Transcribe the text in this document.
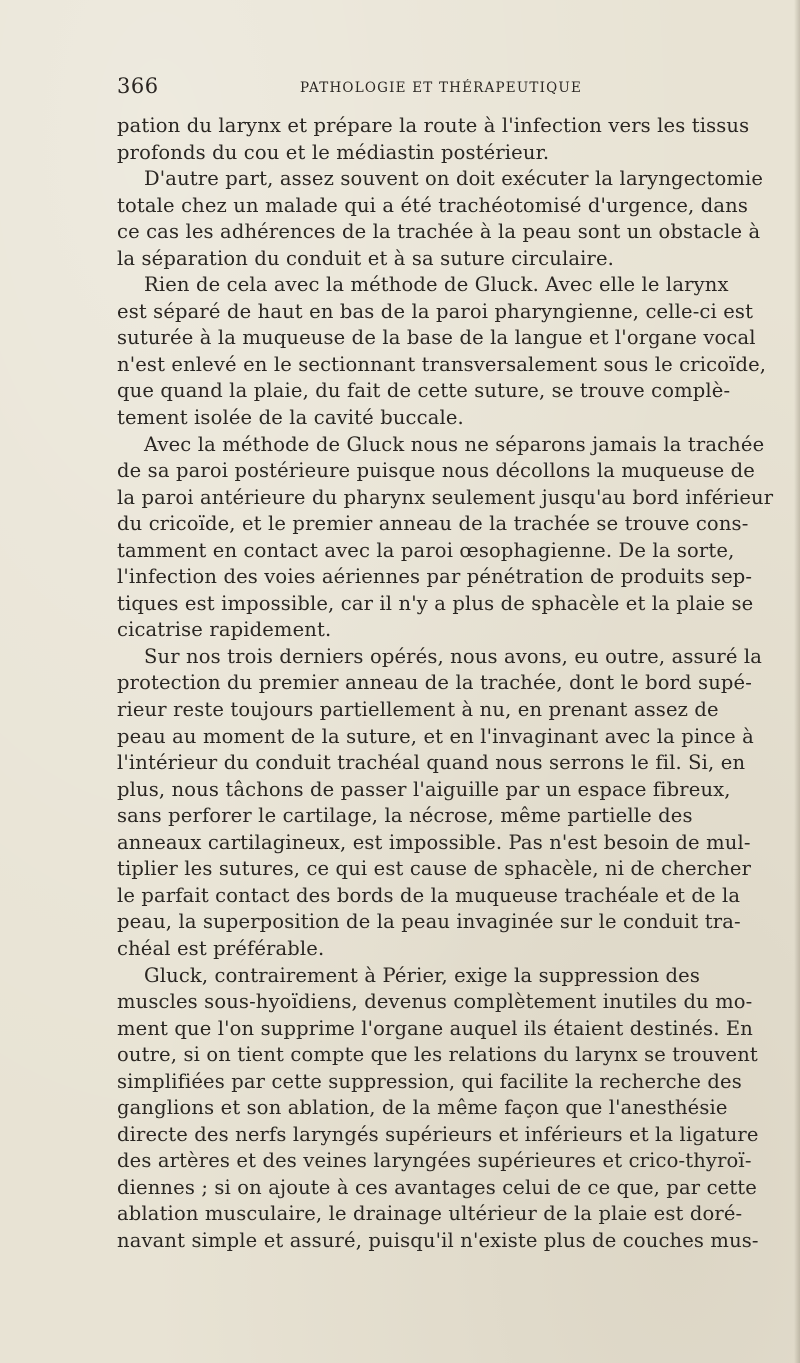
366	PATHOLOGIE ET THÉRAPEUTIQUE
pation du larynx et prépare la route à l'infection vers les tissus
profonds du cou et le médiastin postérieur.
D'autre part, assez souvent on doit exécuter la laryngectomie
totale chez un malade qui a été trachéotomisé d'urgence, dans
ce cas les adhérences de la trachée à la peau sont un obstacle à
la séparation du conduit et à sa suture circulaire.
Rien de cela avec la méthode de Gluck. Avec elle le larynx
est séparé de haut en bas de la paroi pharyngienne, celle-ci est
suturée à la muqueuse de la base de la langue et l'organe vocal
n'est enlevé en le sectionnant transversalement sous le cricoïde,
que quand la plaie, du fait de cette suture, se trouve complè-
tement isolée de la cavité buccale.
Avec la méthode de Gluck nous ne séparons jamais la trachée
de sa paroi postérieure puisque nous décollons la muqueuse de
la paroi antérieure du pharynx seulement jusqu'au bord inférieur
du cricoïde, et le premier anneau de la trachée se trouve cons-
tamment en contact avec la paroi œsophagienne. De la sorte,
l'infection des voies aériennes par pénétration de produits sep-
tiques est impossible, car il n'y a plus de sphacèle et la plaie se
cicatrise rapidement.
Sur nos trois derniers opérés, nous avons, eu outre, assuré la
protection du premier anneau de la trachée, dont le bord supé-
rieur reste toujours partiellement à nu, en prenant assez de
peau au moment de la suture, et en l'invaginant avec la pince à
l'intérieur du conduit trachéal quand nous serrons le fil. Si, en
plus, nous tâchons de passer l'aiguille par un espace fibreux,
sans perforer le cartilage, la nécrose, même partielle des
anneaux cartilagineux, est impossible. Pas n'est besoin de mul-
tiplier les sutures, ce qui est cause de sphacèle, ni de chercher
le parfait contact des bords de la muqueuse trachéale et de la
peau, la superposition de la peau invaginée sur le conduit tra-
chéal est préférable.
Gluck, contrairement à Périer, exige la suppression des
muscles sous-hyoïdiens, devenus complètement inutiles du mo-
ment que l'on supprime l'organe auquel ils étaient destinés. En
outre, si on tient compte que les relations du larynx se trouvent
simplifiées par cette suppression, qui facilite la recherche des
ganglions et son ablation, de la même façon que l'anesthésie
directe des nerfs laryngés supérieurs et inférieurs et la ligature
des artères et des veines laryngées supérieures et crico-thyroï-
diennes ; si on ajoute à ces avantages celui de ce que, par cette
ablation musculaire, le drainage ultérieur de la plaie est doré-
navant simple et assuré, puisqu'il n'existe plus de couches mus-
